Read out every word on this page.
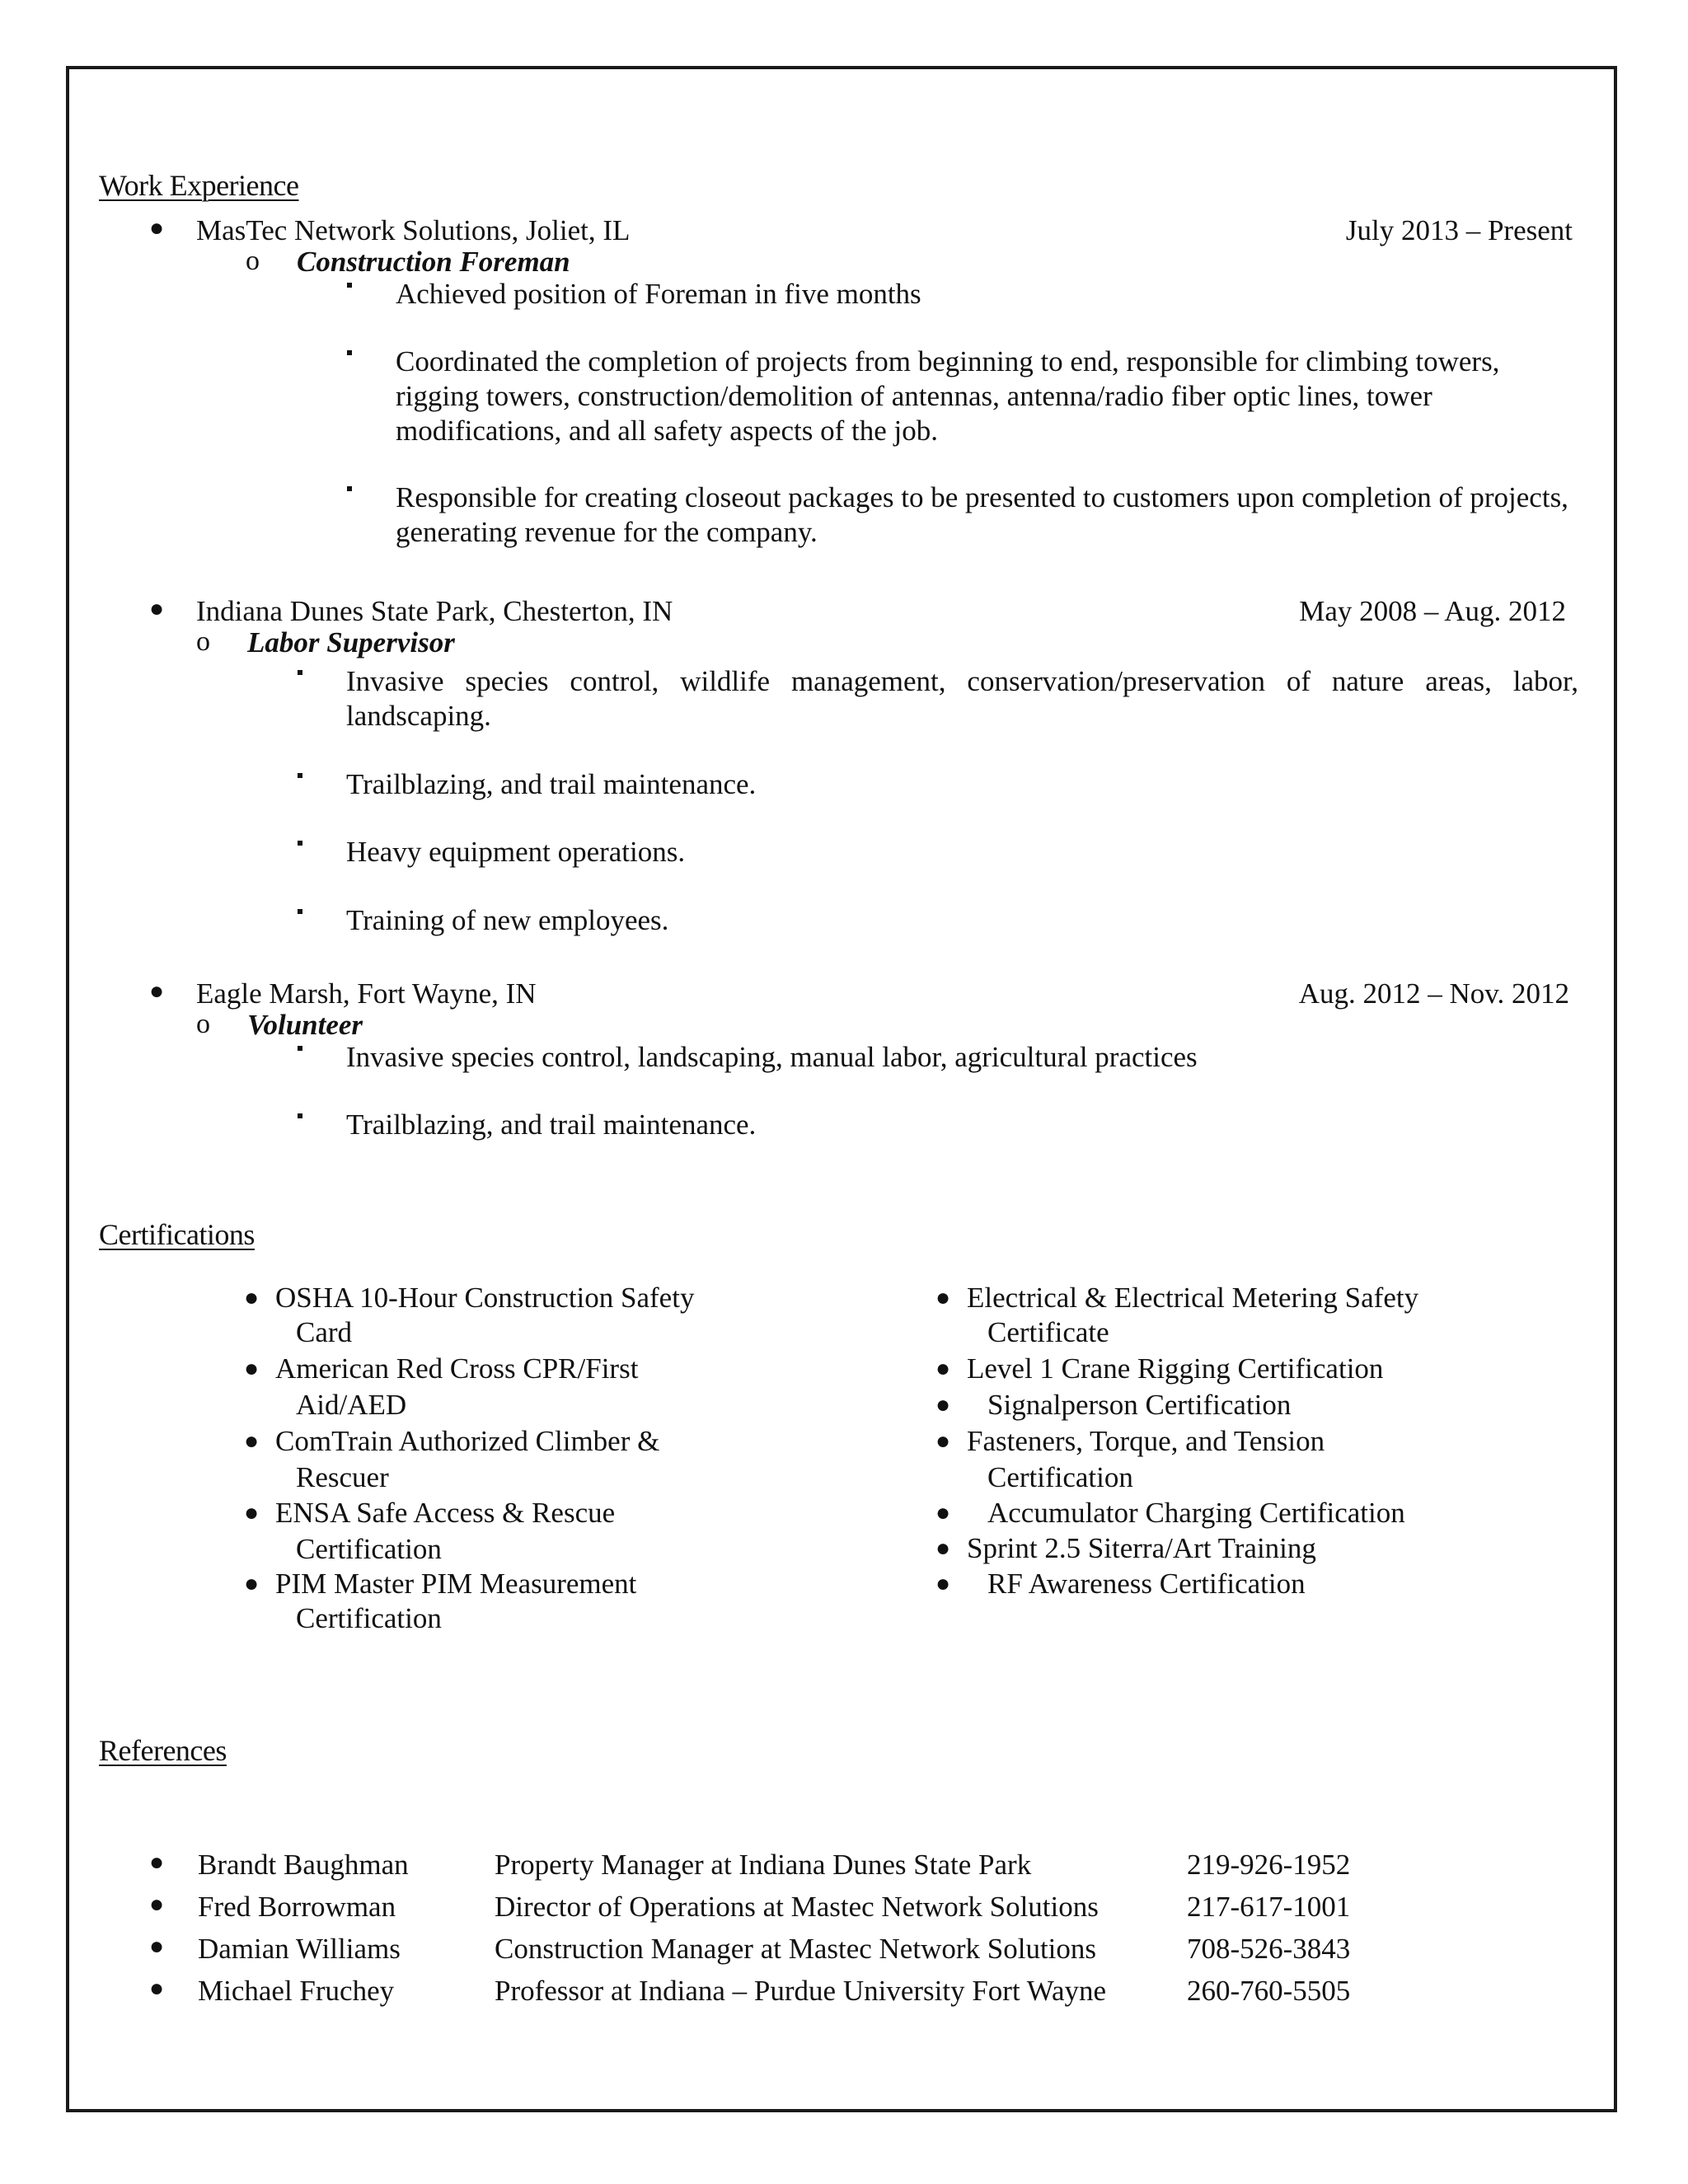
Work Experience
● MasTec Network Solutions, Joliet, IL	July 2013 – Present
o Construction Foreman
Achieved position of Foreman in five months
Coordinated the completion of projects from beginning to end, responsible for climbing towers, rigging towers, construction/demolition of antennas, antenna/radio fiber optic lines, tower modifications, and all safety aspects of the job.
Responsible for creating closeout packages to be presented to customers upon completion of projects, generating revenue for the company.
● Indiana Dunes State Park, Chesterton, IN	May 2008 – Aug. 2012
o Labor Supervisor
Invasive species control, wildlife management, conservation/preservation of nature areas, labor, landscaping.
Trailblazing, and trail maintenance.
Heavy equipment operations.
Training of new employees.
● Eagle Marsh, Fort Wayne, IN	Aug. 2012 – Nov. 2012
o Volunteer
Invasive species control, landscaping, manual labor, agricultural practices
Trailblazing, and trail maintenance.
Certifications
● OSHA 10-Hour Construction Safety
Card
● American Red Cross CPR/First
Aid/AED
● ComTrain Authorized Climber &
Rescuer
● ENSA Safe Access & Rescue
Certification
● PIM Master PIM Measurement
Certification
● Electrical & Electrical Metering Safety
Certificate
● Level 1 Crane Rigging Certification
● Signalperson Certification
● Fasteners, Torque, and Tension
Certification
● Accumulator Charging Certification
● Sprint 2.5 Siterra/Art Training
● RF Awareness Certification
References
● Brandt Baughman	Property Manager at Indiana Dunes State Park	219-926-1952
● Fred Borrowman	Director of Operations at Mastec Network Solutions	217-617-1001
● Damian Williams	Construction Manager at Mastec Network Solutions	708-526-3843
● Michael Fruchey	Professor at Indiana – Purdue University Fort Wayne	260-760-5505
